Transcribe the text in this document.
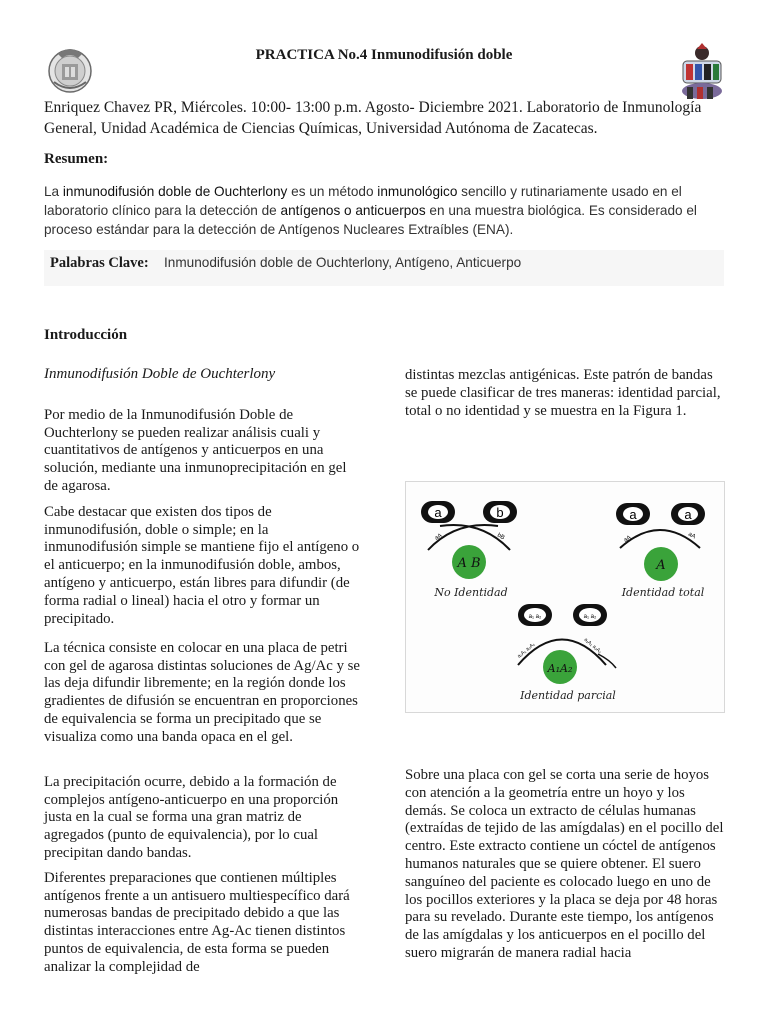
PRACTICA No.4 Inmunodifusión doble
Enriquez Chavez PR, Miércoles. 10:00- 13:00 p.m. Agosto- Diciembre 2021. Laboratorio de Inmunología General, Unidad Académica de Ciencias Químicas, Universidad Autónoma de Zacatecas.
Resumen:
La inmunodifusión doble de Ouchterlony es un método inmunológico sencillo y rutinariamente usado en el laboratorio clínico para la detección de antígenos o anticuerpos en una muestra biológica. Es considerado el proceso estándar para la detección de Antígenos Nucleares Extraíbles (ENA).
Palabras Clave: Inmunodifusión doble de Ouchterlony, Antígeno, Anticuerpo
Introducción
Inmunodifusión Doble de Ouchterlony

Por medio de la Inmunodifusión Doble de Ouchterlony se pueden realizar análisis cuali y cuantitativos de antígenos y anticuerpos en una solución, mediante una inmunoprecipitación en gel de agarosa.

Cabe destacar que existen dos tipos de inmunodifusión, doble o simple; en la inmunodifusión simple se mantiene fijo el antígeno o el anticuerpo; en la inmunodifusión doble, ambos, antígeno y anticuerpo, están libres para difundir (de forma radial o lineal) hacia el otro y formar un precipitado.

La técnica consiste en colocar en una placa de petri con gel de agarosa distintas soluciones de Ag/Ac y se las deja difundir libremente; en la región donde los gradientes de difusión se encuentran en proporciones de equivalencia se forma un precipitado que se visualiza como una banda opaca en el gel.

La precipitación ocurre, debido a la formación de complejos antígeno-anticuerpo en una proporción justa en la cual se forma una gran matriz de agregados (punto de equivalencia), por lo cual precipitan dando bandas.

Diferentes preparaciones que contienen múltiples antígenos frente a un antisuero multiespecífico dará numerosas bandas de precipitado debido a que las distintas interacciones entre Ag-Ac tienen distintos puntos de equivalencia, de esta forma se pueden analizar la complejidad de

distintas mezclas antigénicas. Este patrón de bandas se puede clasificar de tres maneras: identidad parcial, total o no identidad y se muestra en la Figura 1.
Sobre una placa con gel se corta una serie de hoyos con atención a la geometría entre un hoyo y los demás. Se coloca un extracto de células humanas (extraídas de tejido de las amígdalas) en el pocillo del centro. Este extracto contiene un cóctel de antígenos humanos naturales que se quiere obtener. El suero sanguíneo del paciente es colocado luego en uno de los pocillos exteriores y la placa se deja por 48 horas para su revelado. Durante este tiempo, los antígenos de las amígdalas y los anticuerpos en el pocillo del suero migrarán de manera radial hacia
a	b
aA	bB
A B
No Identidad
a	a
aA	aA
A
Identidad total
a₁ a₂	a₁ a₂
a₁A₁ a₂A₂	a₁A₁ a₂A₂
A₁A₂
Identidad parcial
